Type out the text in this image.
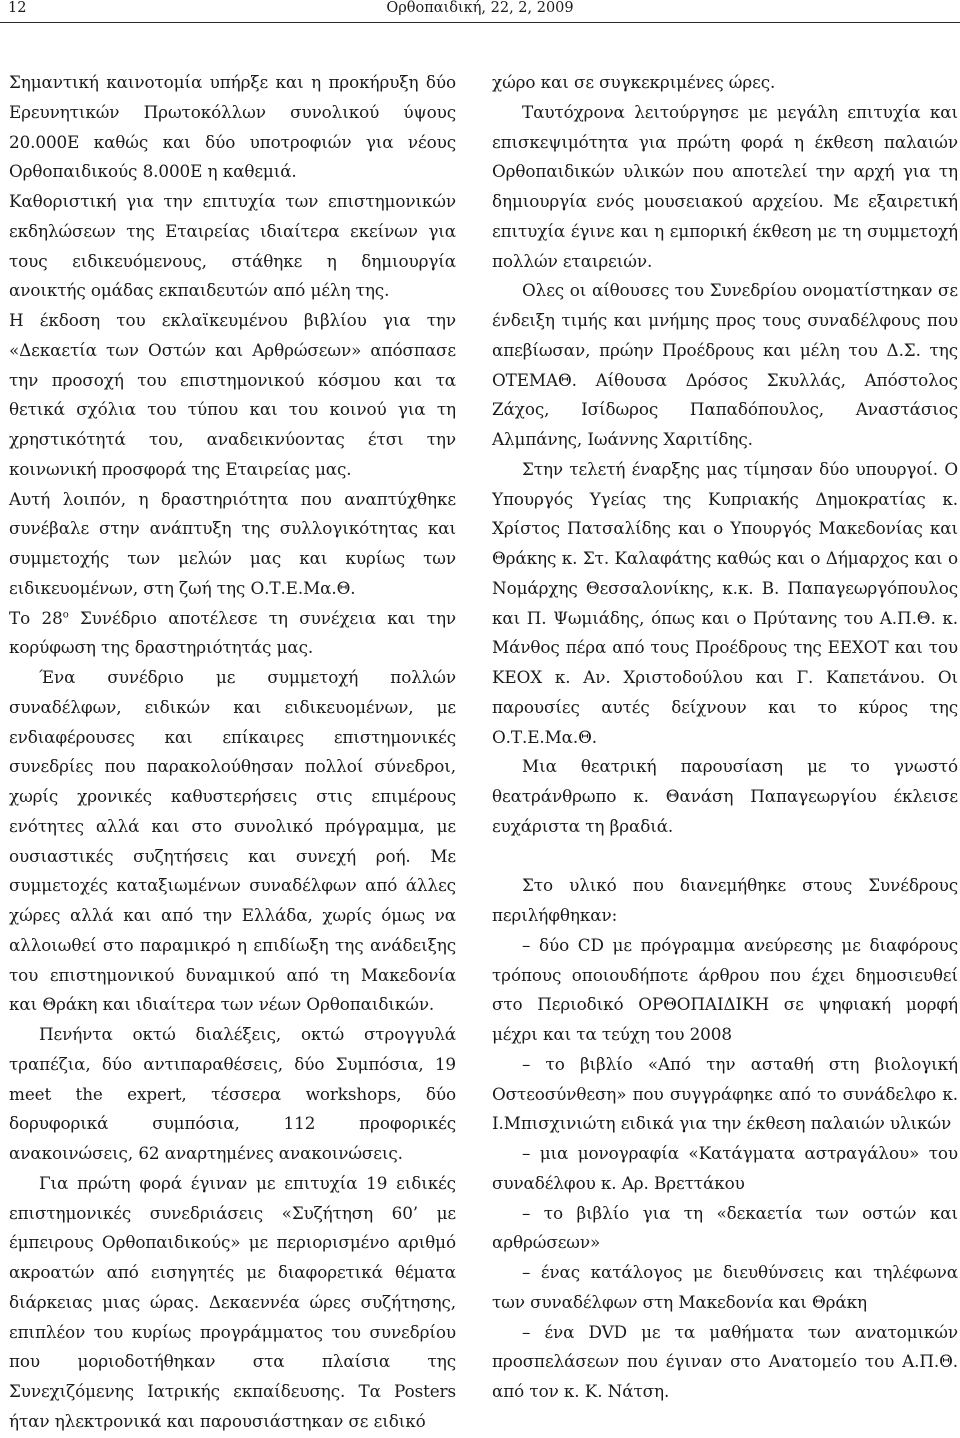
12	Ορθοπαιδική, 22, 2, 2009

Σημαντική καινοτομία υπήρξε και η προκήρυξη δύο Ερευνητικών Πρωτοκόλλων συνολικού ύψους 20.000Ε καθώς και δύο υποτροφιών για νέους Ορθοπαιδικούς 8.000Ε η καθεμιά.

Καθοριστική για την επιτυχία των επιστημονικών εκδηλώσεων της Εταιρείας ιδιαίτερα εκείνων για τους ειδικευόμενους, στάθηκε η δημιουργία ανοικτής ομάδας εκπαιδευτών από μέλη της.

Η έκδοση του εκλαϊκευμένου βιβλίου για την «Δεκαετία των Οστών και Αρθρώσεων» απόσπασε την προσοχή του επιστημονικού κόσμου και τα θετικά σχόλια του τύπου και του κοινού για τη χρηστικότητά του, αναδεικνύοντας έτσι την κοινωνική προσφορά της Εταιρείας μας.

Αυτή λοιπόν, η δραστηριότητα που αναπτύχθηκε συνέβαλε στην ανάπτυξη της συλλογικότητας και συμμετοχής των μελών μας και κυρίως των ειδικευομένων, στη ζωή της Ο.Τ.Ε.Μα.Θ.

Το $28^o$ Συνέδριο αποτέλεσε τη συνέχεια και την κορύφωση της δραστηριότητάς μας.

Ένα συνέδριο με συμμετοχή πολλών συναδέλφων, ειδικών και ειδικευομένων, με ενδιαφέρουσες και επίκαιρες επιστημονικές συνεδρίες που παρακολούθησαν πολλοί σύνεδροι, χωρίς χρονικές καθυστερήσεις στις επιμέρους ενότητες αλλά και στο συνολικό πρόγραμμα, με ουσιαστικές συζητήσεις και συνεχή ροή. Με συμμετοχές καταξιωμένων συναδέλφων από άλλες χώρες αλλά και από την Ελλάδα, χωρίς όμως να αλλοιωθεί στο παραμικρό η επιδίωξη της ανάδειξης του επιστημονικού δυναμικού από τη Μακεδονία και Θράκη και ιδιαίτερα των νέων Ορθοπαιδικών.

Πενήντα οκτώ διαλέξεις, οκτώ στρογγυλά τραπέζια, δύο αντιπαραθέσεις, δύο Συμπόσια, 19 meet the expert, τέσσερα workshops, δύο δορυφορικά συμπόσια, 112 προφορικές ανακοινώσεις, 62 αναρτημένες ανακοινώσεις.

Για πρώτη φορά έγιναν με επιτυχία 19 ειδικές επιστημονικές συνεδριάσεις «Συζήτηση 60’ με έμπειρους Ορθοπαιδικούς» με περιορισμένο αριθμό ακροατών από εισηγητές με διαφορετικά θέματα διάρκειας μιας ώρας. Δεκαεννέα ώρες συζήτησης, επιπλέον του κυρίως προγράμματος του συνεδρίου που μοριοδοτήθηκαν στα πλαίσια της Συνεχιζόμενης Ιατρικής εκπαίδευσης. Τα Posters ήταν ηλεκτρονικά και παρουσιάστηκαν σε ειδικό

χώρο και σε συγκεκριμένες ώρες.

Ταυτόχρονα λειτούργησε με μεγάλη επιτυχία και επισκεψιμότητα για πρώτη φορά η έκθεση παλαιών Ορθοπαιδικών υλικών που αποτελεί την αρχή για τη δημιουργία ενός μουσειακού αρχείου. Με εξαιρετική επιτυχία έγινε και η εμπορική έκθεση με τη συμμετοχή πολλών εταιρειών.

Ολες οι αίθουσες του Συνεδρίου ονοματίστηκαν σε ένδειξη τιμής και μνήμης προς τους συναδέλφους που απεβίωσαν, πρώην Προέδρους και μέλη του Δ.Σ. της ΟΤΕΜΑΘ. Αίθουσα Δρόσος Σκυλλάς, Απόστολος Ζάχος, Ισίδωρος Παπαδόπουλος, Αναστάσιος Αλμπάνης, Ιωάννης Χαριτίδης.

Στην τελετή έναρξης μας τίμησαν δύο υπουργοί. Ο Υπουργός Υγείας της Κυπριακής Δημοκρατίας κ. Χρίστος Πατσαλίδης και ο Υπουργός Μακεδονίας και Θράκης κ. Στ. Καλαφάτης καθώς και ο Δήμαρχος και ο Νομάρχης Θεσσαλονίκης, κ.κ. Β. Παπαγεωργόπουλος και Π. Ψωμιάδης, όπως και ο Πρύτανης του Α.Π.Θ. κ. Μάνθος πέρα από τους Προέδρους της ΕΕΧΟΤ και του ΚΕΟΧ κ. Αν. Χριστοδούλου και Γ. Καπετάνου. Οι παρουσίες αυτές δείχνουν και το κύρος της Ο.Τ.Ε.Μα.Θ.

Μια θεατρική παρουσίαση με το γνωστό θεατράνθρωπο κ. Θανάση Παπαγεωργίου έκλεισε ευχάριστα τη βραδιά.

Στο υλικό που διανεμήθηκε στους Συνέδρους περιλήφθηκαν:

– δύο CD με πρόγραμμα ανεύρεσης με διαφόρους τρόπους οποιουδήποτε άρθρου που έχει δημοσιευθεί στο Περιοδικό ΟΡΘΟΠΑΙΔΙΚΗ σε ψηφιακή μορφή μέχρι και τα τεύχη του 2008

– το βιβλίο «Από την ασταθή στη βιολογική Οστεοσύνθεση» που συγγράφηκε από το συνάδελφο κ. Ι.Μπισχινιώτη ειδικά για την έκθεση παλαιών υλικών

– μια μονογραφία «Κατάγματα αστραγάλου» του συναδέλφου κ. Αρ. Βρεττάκου

– το βιβλίο για τη «δεκαετία των οστών και αρθρώσεων»

– ένας κατάλογος με διευθύνσεις και τηλέφωνα των συναδέλφων στη Μακεδονία και Θράκη

– ένα DVD με τα μαθήματα των ανατομικών προσπελάσεων που έγιναν στο Ανατομείο του Α.Π.Θ. από τον κ. Κ. Νάτση.
